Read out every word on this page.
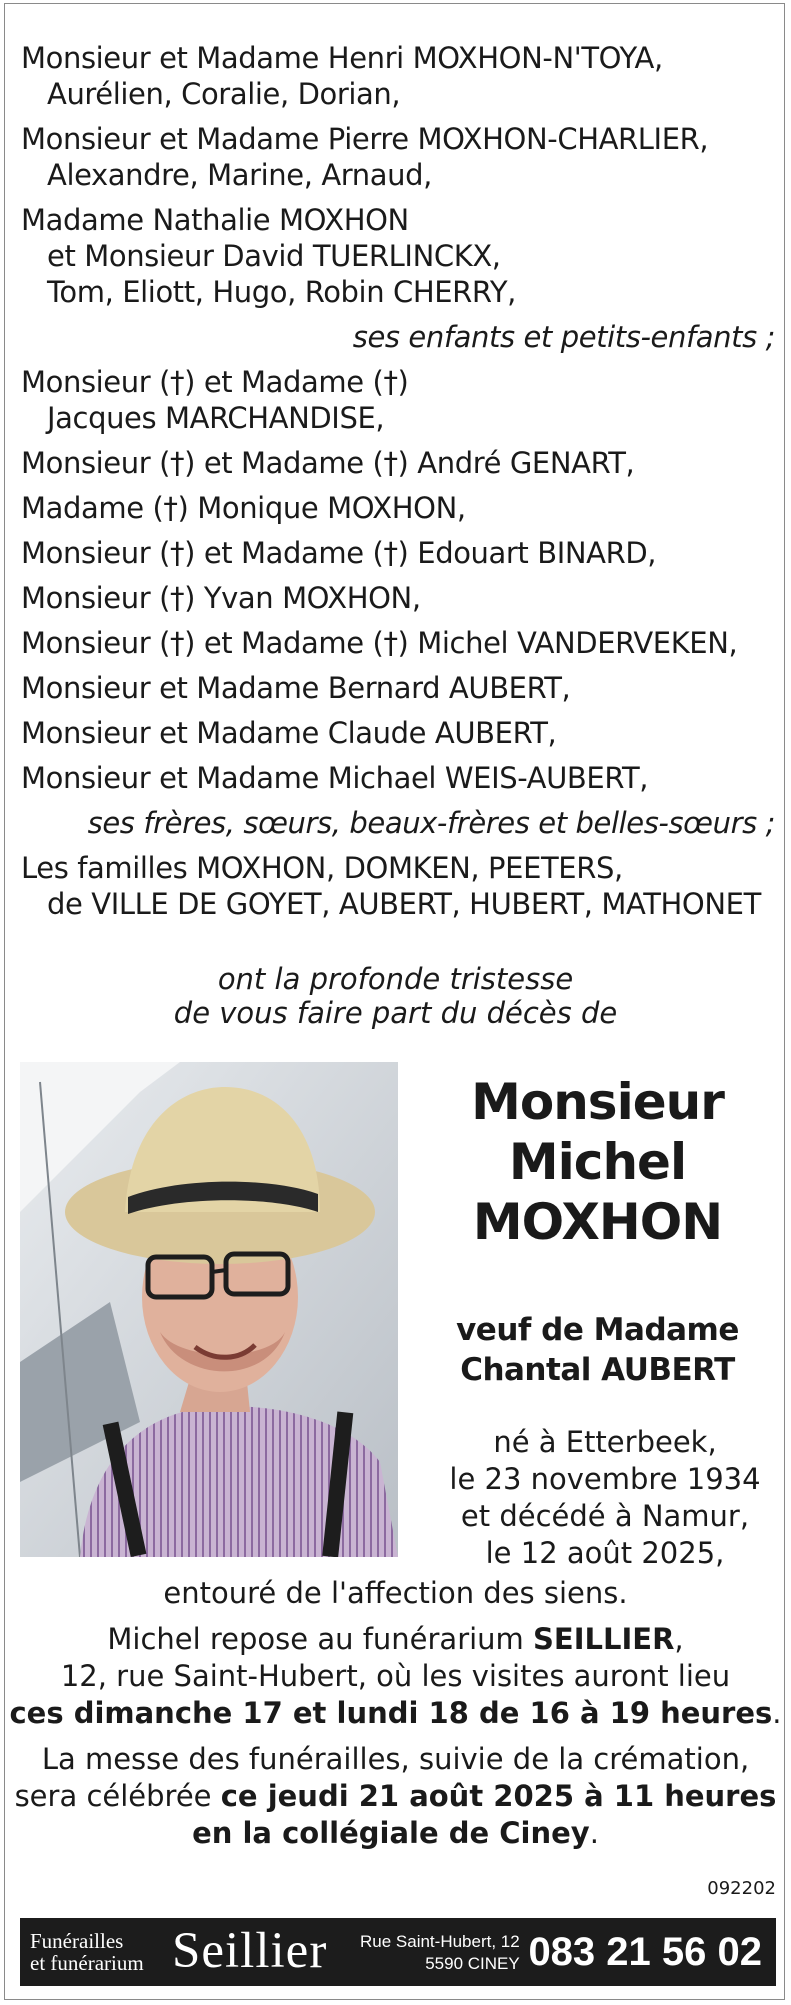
Monsieur et Madame Henri MOXHON-N'TOYA,

Aurélien, Coralie, Dorian,

Monsieur et Madame Pierre MOXHON-CHARLIER,

Alexandre, Marine, Arnaud,

Madame Nathalie MOXHON

et Monsieur David TUERLINCKX,

Tom, Eliott, Hugo, Robin CHERRY,

ses enfants et petits-enfants ;

Monsieur (†) et Madame (†)

Jacques MARCHANDISE,

Monsieur (†) et Madame (†) André GENART,

Madame (†) Monique MOXHON,

Monsieur (†) et Madame (†) Edouart BINARD,

Monsieur (†) Yvan MOXHON,

Monsieur (†) et Madame (†) Michel VANDERVEKEN,

Monsieur et Madame Bernard AUBERT,

Monsieur et Madame Claude AUBERT,

Monsieur et Madame Michael WEIS-AUBERT,

ses frères, sœurs, beaux-frères et belles-sœurs ;

Les familles MOXHON, DOMKEN, PEETERS,

de VILLE DE GOYET, AUBERT, HUBERT, MATHONET

ont la profonde tristesse
de vous faire part du décès de
Monsieur
Michel
MOXHON
veuf de Madame
Chantal AUBERT
né à Etterbeek,
le 23 novembre 1934
et décédé à Namur,
le 12 août 2025,

entouré de l'affection des siens.

Michel repose au funérarium SEILLIER,

12, rue Saint-Hubert, où les visites auront lieu

ces dimanche 17 et lundi 18 de 16 à 19 heures.

La messe des funérailles, suivie de la crémation,

sera célébrée ce jeudi 21 août 2025 à 11 heures

en la collégiale de Ciney.

092202
Funérailles
et funérarium Seillier Rue Saint-Hubert, 12
5590 CINEY 083 21 56 02
